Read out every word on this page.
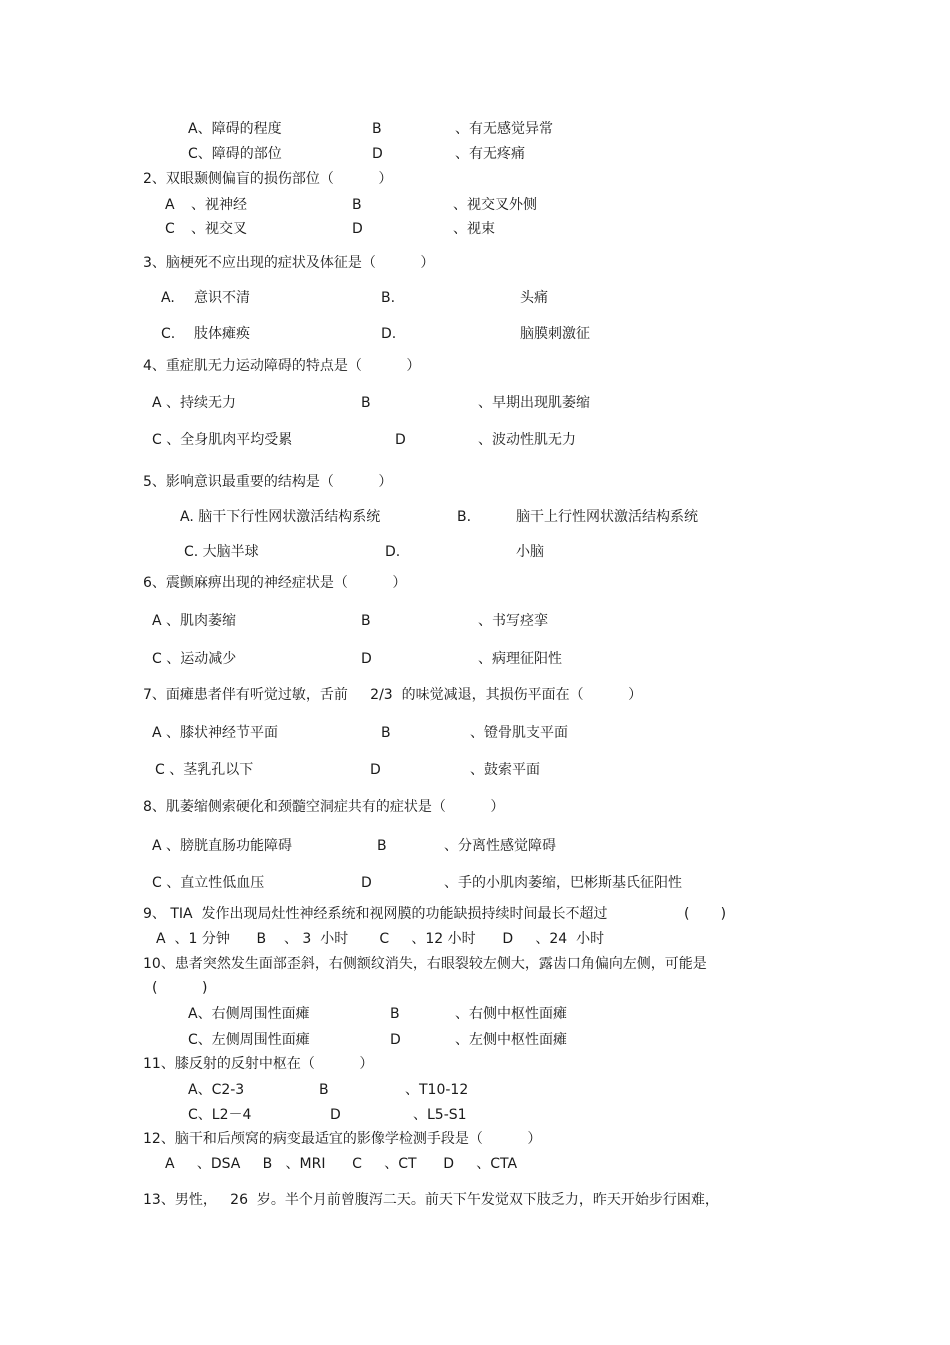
A、障碍的程度	B	、有无感觉异常
C、障碍的部位	D	、有无疼痛
2、双眼颞侧偏盲的损伤部位（          ）
A 、视神经	B	、视交叉外侧
C 、视交叉	D	、视束
3、脑梗死不应出现的症状及体征是（          ）
A. 意识不清	B.	头痛
C. 肢体瘫痪	D.	脑膜刺激征
4、重症肌无力运动障碍的特点是（          ）
A 、持续无力	B	、早期出现肌萎缩
C 、全身肌肉平均受累	D	、波动性肌无力
5、影响意识最重要的结构是（          ）
A. 脑干下行性网状激活结构系统	B.	脑干上行性网状激活结构系统
C. 大脑半球	D.	小脑
6、震颤麻痹出现的神经症状是（          ）
A 、肌肉萎缩	B	、书写痉挛
C 、运动减少	D	、病理征阳性
7、面瘫患者伴有听觉过敏，舌前     2/3  的味觉减退，其损伤平面在（          ）
A 、膝状神经节平面	B	、镫骨肌支平面
C 、茎乳孔以下	D	、鼓索平面
8、肌萎缩侧索硬化和颈髓空洞症共有的症状是（          ）
A 、膀胱直肠功能障碍	B	、分离性感觉障碍
C 、直立性低血压	D	、手的小肌肉萎缩，巴彬斯基氏征阳性
9、 TIA  发作出现局灶性神经系统和视网膜的功能缺损持续时间最长不超过	(       )
A  、1 分钟      B    、 3  小时       C     、12 小时      D     、24  小时
10、患者突然发生面部歪斜，右侧额纹消失，右眼裂较左侧大，露齿口角偏向左侧，可能是
(          )
A、右侧周围性面瘫	B	、右侧中枢性面瘫
C、左侧周围性面瘫	D	、左侧中枢性面瘫
11、膝反射的反射中枢在（          ）
A、C2-3	B	、T10-12
C、L2－4	D	、L5-S1
12、脑干和后颅窝的病变最适宜的影像学检测手段是（          ）
A     、DSA     B   、MRI      C     、CT      D     、CTA
13、男性，   26  岁。半个月前曾腹泻二天。前天下午发觉双下肢乏力，昨天开始步行困难，
